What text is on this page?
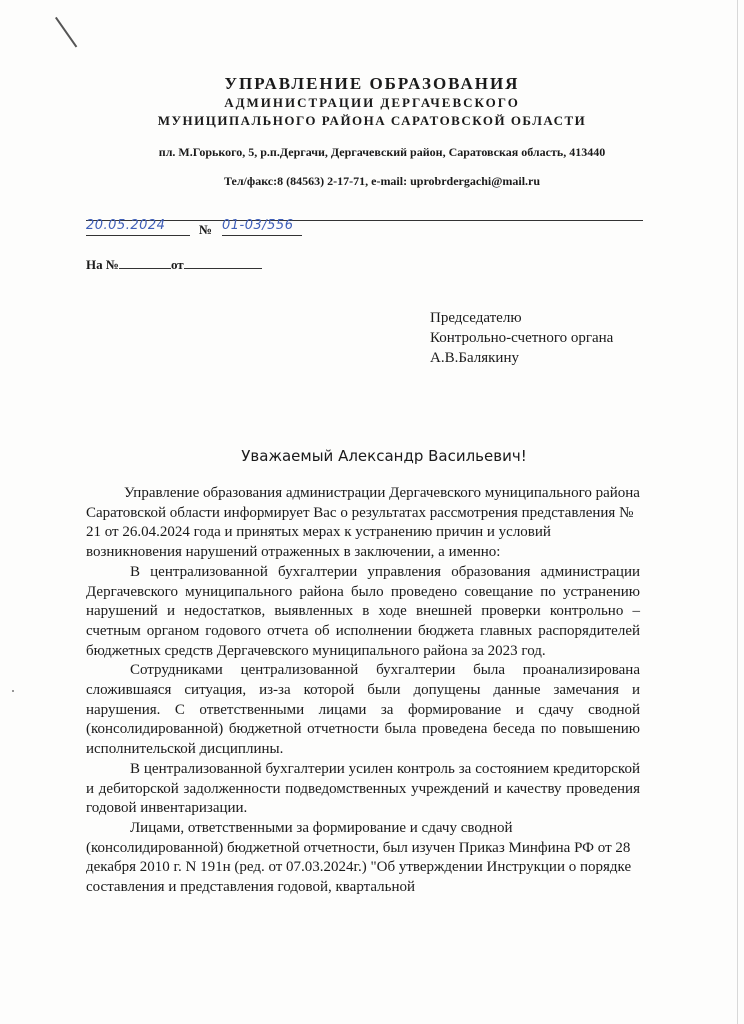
УПРАВЛЕНИЕ ОБРАЗОВАНИЯ
АДМИНИСТРАЦИИ ДЕРГАЧЕВСКОГО
МУНИЦИПАЛЬНОГО РАЙОНА САРАТОВСКОЙ ОБЛАСТИ
пл. М.Горького, 5, р.п.Дергачи, Дергачевский район, Саратовская область, 413440
Тел/факс:8 (84563) 2-17-71, e-mail: uprobrdergachi@mail.ru
20.05.2024	№ 01-03/556
На №	от
Председателю
Контрольно-счетного органа
А.В.Балякину
Уважаемый Александр Васильевич!

Управление образования администрации Дергачевского муниципального района Саратовской области информирует Вас о результатах рассмотрения представления № 21 от 26.04.2024 года и принятых мерах к устранению причин и условий возникновения нарушений отраженных в заключении, а именно:

В централизованной бухгалтерии управления образования администрации Дергачевского муниципального района было проведено совещание по устранению нарушений и недостатков, выявленных в ходе внешней проверки контрольно – счетным органом годового отчета об исполнении бюджета главных распорядителей бюджетных средств Дергачевского муниципального района за 2023 год.

Сотрудниками централизованной бухгалтерии была проанализирована сложившаяся ситуация, из-за которой были допущены данные замечания и нарушения. С ответственными лицами за формирование и сдачу сводной (консолидированной) бюджетной отчетности была проведена беседа по повышению исполнительской дисциплины.

В централизованной бухгалтерии усилен контроль за состоянием кредиторской и дебиторской задолженности подведомственных учреждений и качеству проведения годовой инвентаризации.

Лицами, ответственными за формирование и сдачу сводной (консолидированной) бюджетной отчетности, был изучен Приказ Минфина РФ от 28 декабря 2010 г. N 191н (ред. от 07.03.2024г.) "Об утверждении Инструкции о порядке составления и представления годовой, квартальной
